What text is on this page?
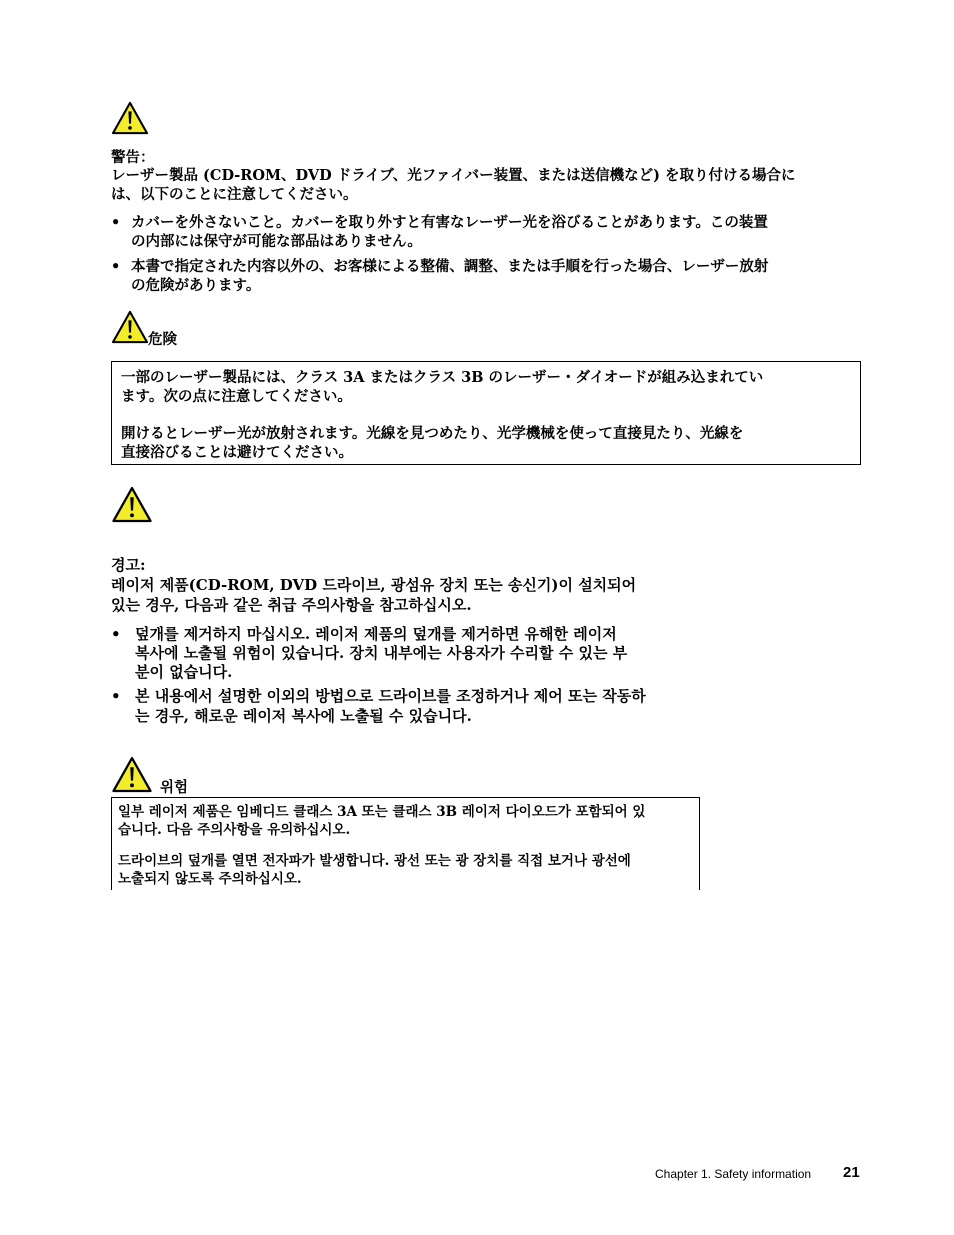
警告：
レーザー製品 (CD-ROM、DVD ドライブ、光ファイバー装置、または送信機など) を取り付ける場合に
は、以下のことに注意してください。
• カバーを外さないこと。カバーを取り外すと有害なレーザー光を浴びることがあります。この装置
の内部には保守が可能な部品はありません。
• 本書で指定された内容以外の、お客様による整備、調整、または手順を行った場合、レーザー放射
の危険があります。
危険
一部のレーザー製品には、クラス 3A またはクラス 3B のレーザー・ダイオードが組み込まれてい
ます。次の点に注意してください。
開けるとレーザー光が放射されます。光線を見つめたり、光学機械を使って直接見たり、光線を
直接浴びることは避けてください。
경고:
레이저 제품(CD-ROM, DVD 드라이브, 광섬유 장치 또는 송신기)이 설치되어
있는 경우, 다음과 같은 취급 주의사항을 참고하십시오.
• 덮개를 제거하지 마십시오. 레이저 제품의 덮개를 제거하면 유해한 레이저
복사에 노출될 위험이 있습니다. 장치 내부에는 사용자가 수리할 수 있는 부
분이 없습니다.
• 본 내용에서 설명한 이외의 방법으로 드라이브를 조정하거나 제어 또는 작동하
는 경우, 해로운 레이저 복사에 노출될 수 있습니다.
위험
일부 레이저 제품은 임베디드 클래스 3A 또는 클래스 3B 레이저 다이오드가 포함되어 있
습니다. 다음 주의사항을 유의하십시오.
드라이브의 덮개를 열면 전자파가 발생합니다. 광선 또는 광 장치를 직접 보거나 광선에
노출되지 않도록 주의하십시오.
Chapter 1. Safety information 21
